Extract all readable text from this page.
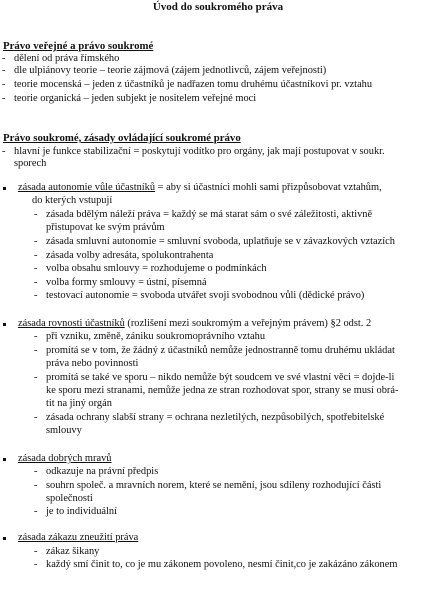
Úvod do soukromého práva
Právo veřejné a právo soukromé
- dělení od práva římského
- dle ulpiánovy teorie – teorie zájmová (zájem jednotlivců, zájem veřejnosti)
- teorie mocenská – jeden z účastníků je nadřazen tomu druhému účastníkovi pr. vztahu
- teorie organická – jeden subjekt je nositelem veřejné moci
Právo soukromé, zásady ovládající soukromé právo
- hlavní je funkce stabilizační = poskytují vodítko pro orgány, jak mají postupovat v soukr.
sporech
zásada autonomie vůle účastníků = aby si účastníci mohli sami přizpůsobovat vztahům,
do kterých vstupují
- zásada bdělým náleží práva = každý se má starat sám o své záležitosti, aktivně
přistupovat ke svým právům
- zásada smluvní autonomie = smluvní svoboda, uplatňuje se v závazkových vztazích
- zásada volby adresáta, spolukontrahenta
- volba obsahu smlouvy = rozhodujeme o podmínkách
- volba formy smlouvy = ústní, písemná
- testovací autonomie = svoboda utvářet svoji svobodnou vůli (dědické právo)
zásada rovnosti účastníků (rozlišení mezi soukromým a veřejným právem) §2 odst. 2
- při vzniku, změně, zániku soukromoprávního vztahu
- promítá se v tom, že žádný z účastníků nemůže jednostranně tomu druhému ukládat
práva nebo povinnosti
- promítá se také ve sporu – nikdo nemůže být soudcem ve své vlastní věci = dojde-li
ke sporu mezi stranami, nemůže jedna ze stran rozhodovat spor, strany se musí obrá-
tit na jiný orgán
- zásada ochrany slabší strany = ochrana nezletilých, nezpůsobilých, spotřebitelské
smlouvy
zásada dobrých mravů
- odkazuje na právní předpis
- souhrn společ. a mravních norem, které se nemění, jsou sdíleny rozhodující části
společnosti
- je to individuální
zásada zákazu zneužití práva
- zákaz šikany
- každý smí činit to, co je mu zákonem povoleno, nesmí činit,co je zakázáno zákonem
